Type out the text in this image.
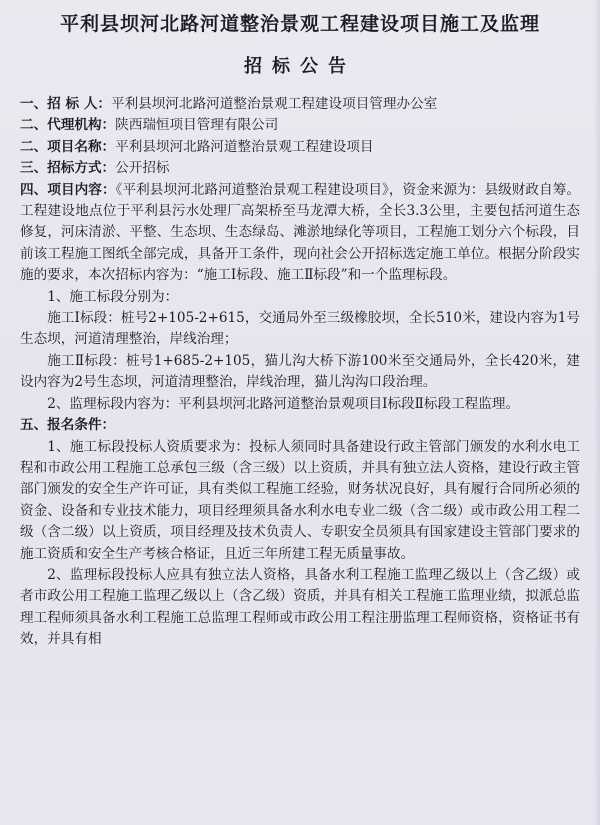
平利县坝河北路河道整治景观工程建设项目施工及监理
招标公告
一、招 标 人：平利县坝河北路河道整治景观工程建设项目管理办公室
二、代理机构：陕西瑞恒项目管理有限公司
二、项目名称：平利县坝河北路河道整治景观工程建设项目
三、招标方式：公开招标
四、项目内容：《平利县坝河北路河道整治景观工程建设项目》，资金来源为：县级财政自筹。工程建设地点位于平利县污水处理厂高架桥至马龙潭大桥，全长3.3公里，主要包括河道生态修复，河床清淤、平整、生态坝、生态绿岛、滩淤地绿化等项目，工程施工划分六个标段，目前该工程施工图纸全部完成，具备开工条件，现向社会公开招标选定施工单位。根据分阶段实施的要求，本次招标内容为：“施工Ⅰ标段、施工Ⅱ标段”和一个监理标段。
1、施工标段分别为：
施工Ⅰ标段：桩号2+105-2+615，交通局外至三级橡胶坝，全长510米，建设内容为1号生态坝，河道清理整治，岸线治理；
施工Ⅱ标段：桩号1+685-2+105，猫儿沟大桥下游100米至交通局外，全长420米，建设内容为2号生态坝，河道清理整治，岸线治理，猫儿沟沟口段治理。
2、监理标段内容为：平利县坝河北路河道整治景观项目Ⅰ标段Ⅱ标段工程监理。
五、报名条件：
1、施工标段投标人资质要求为：投标人须同时具备建设行政主管部门颁发的水利水电工程和市政公用工程施工总承包三级（含三级）以上资质，并具有独立法人资格，建设行政主管部门颁发的安全生产许可证，具有类似工程施工经验，财务状况良好，具有履行合同所必须的资金、设备和专业技术能力，项目经理须具备水利水电专业二级（含二级）或市政公用工程二级（含二级）以上资质，项目经理及技术负责人、专职安全员须具有国家建设主管部门要求的施工资质和安全生产考核合格证，且近三年所建工程无质量事故。
2、监理标段投标人应具有独立法人资格，具备水利工程施工监理乙级以上（含乙级）或者市政公用工程施工监理乙级以上（含乙级）资质，并具有相关工程施工监理业绩，拟派总监理工程师须具备水利工程施工总监理工程师或市政公用工程注册监理工程师资格，资格证书有效，并具有相
